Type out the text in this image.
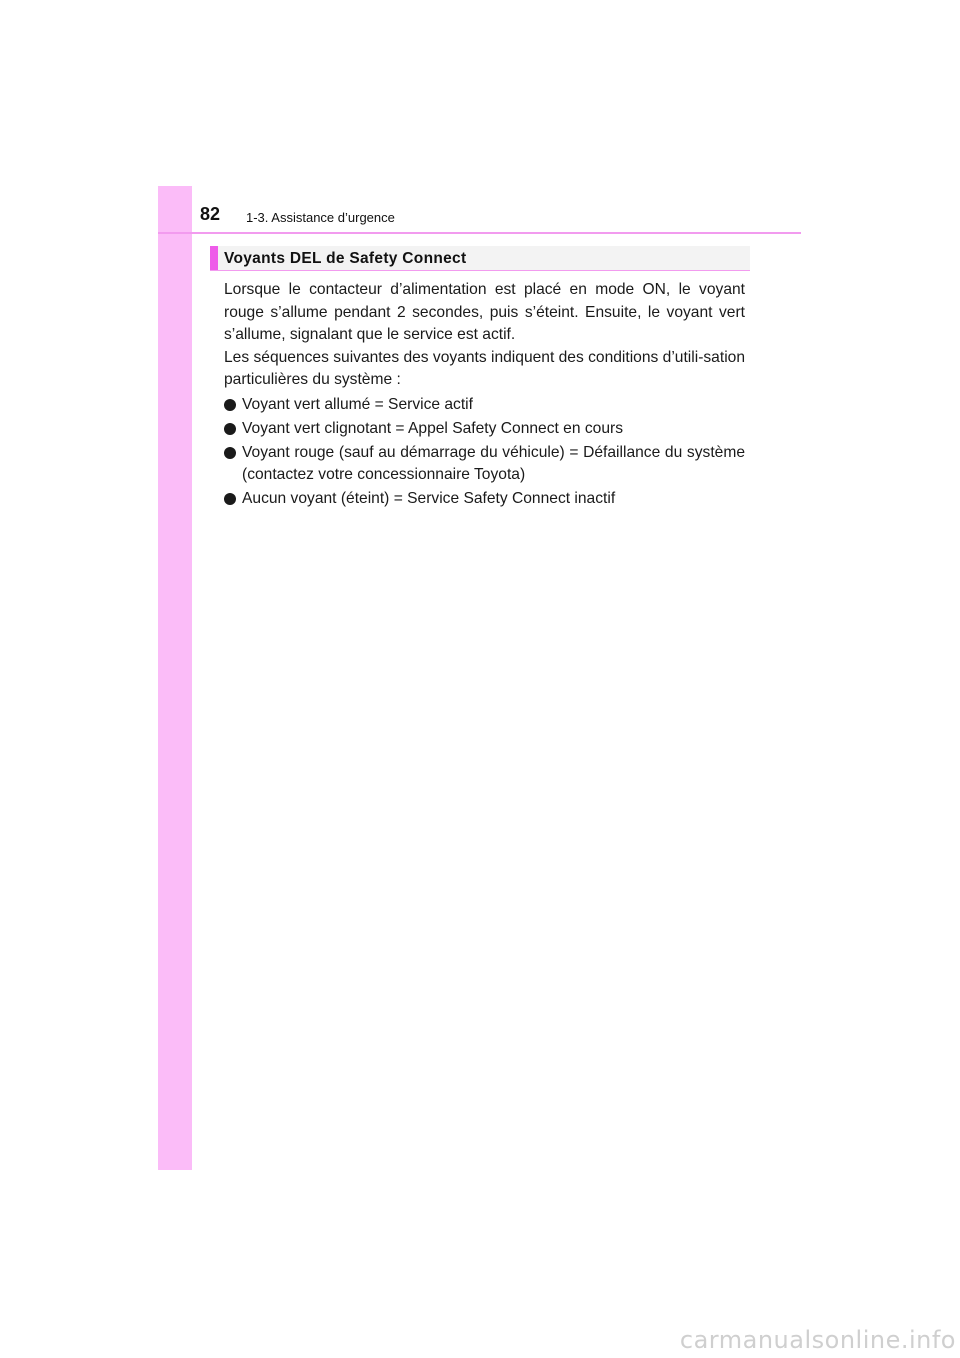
82 1-3. Assistance d’urgence
Voyants DEL de Safety Connect

Lorsque le contacteur d’alimentation est placé en mode ON, le voyant rouge s’allume pendant 2 secondes, puis s’éteint. Ensuite, le voyant vert s’allume, signalant que le service est actif.

Les séquences suivantes des voyants indiquent des conditions d’utili-sation particulières du système :

Voyant vert allumé = Service actif
Voyant vert clignotant = Appel Safety Connect en cours
Voyant rouge (sauf au démarrage du véhicule) = Défaillance du système (contactez votre concessionnaire Toyota)
Aucun voyant (éteint) = Service Safety Connect inactif
carmanualsonline.info
